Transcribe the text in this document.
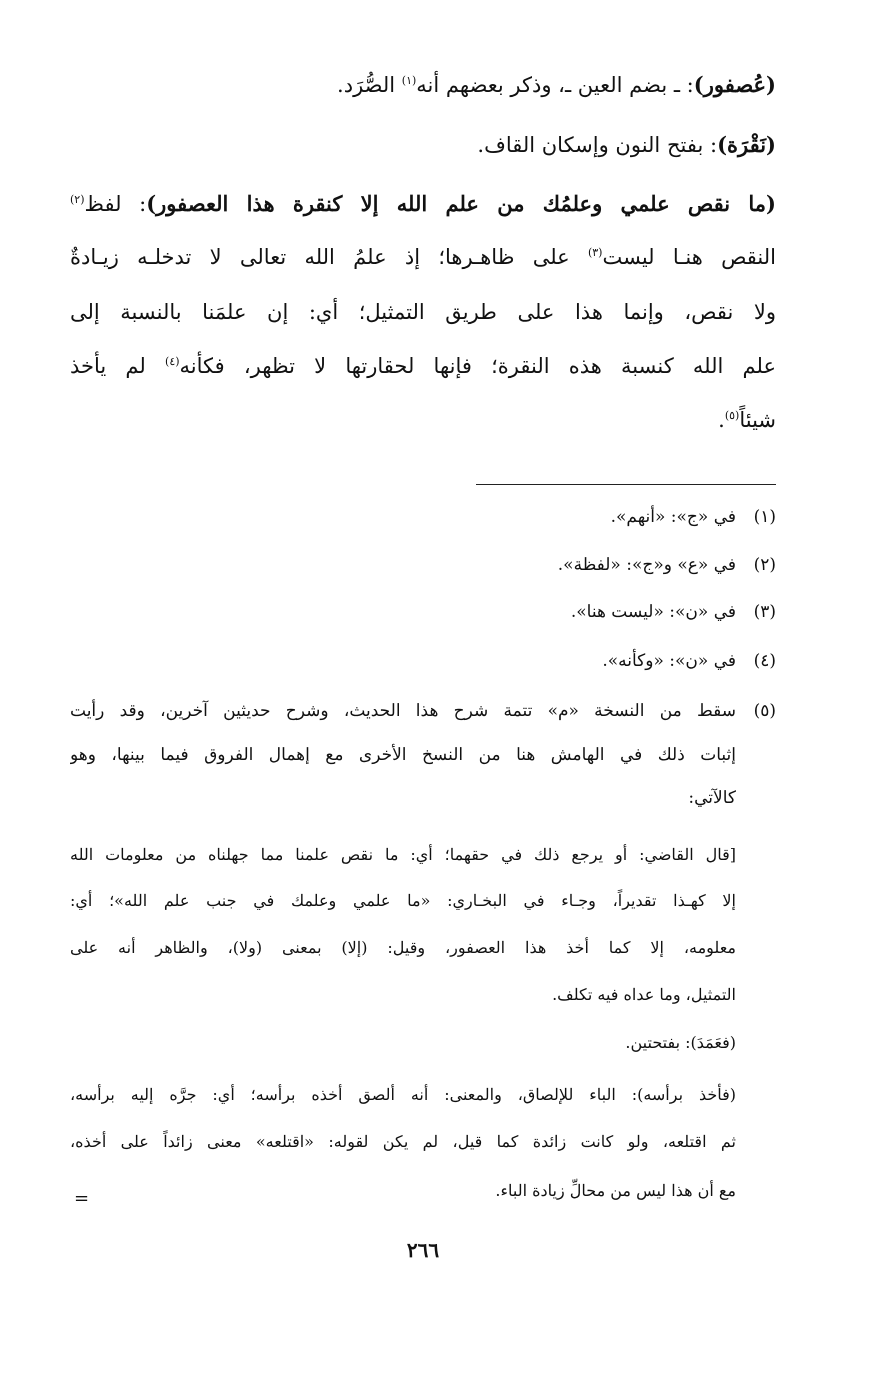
(عُصفور): ـ بضم العين ـ، وذكر بعضهم أنه$^{(١)}$ الصُّرَد.
(نَقْرَة): بفتح النون وإسكان القاف.
(ما نقص علمي وعلمُك من علم الله إلا كنقرة هذا العصفور): لفظ$^{(٢)}$
النقص هنـا ليست$^{(٣)}$ على ظاهـرها؛ إذ علمُ الله تعالى لا تدخلـه زيـادةٌ
ولا نقص، وإنما هذا على طريق التمثيل؛ أي: إن علمَنا بالنسبة إلى
علم الله كنسبة هذه النقرة؛ فإنها لحقارتها لا تظهر، فكأنه$^{(٤)}$ لم يأخذ
شيئاً$^{(٥)}$.
(١)في «ج»: «أنهم».
(٢)في «ع» و«ج»: «لفظة».
(٣)في «ن»: «ليست هنا».
(٤)في «ن»: «وكأنه».
(٥)سقط من النسخة «م» تتمة شرح هذا الحديث، وشرح حديثين آخرين، وقد رأيت
إثبات ذلك في الهامش هنا من النسخ الأخرى مع إهمال الفروق فيما بينها، وهو
كالآتي:
[قال القاضي: أو يرجع ذلك في حقهما؛ أي: ما نقص علمنا مما جهلناه من معلومات الله
إلا كهـذا تقديراً، وجـاء في البخـاري: «ما علمي وعلمك في جنب علم الله»؛ أي:
معلومه، إلا كما أخذ هذا العصفور، وقيل: (إلا) بمعنى (ولا)، والظاهر أنه على
التمثيل، وما عداه فيه تكلف.
(فعَمَدَ): بفتحتين.
(فأخذ برأسه): الباء للإلصاق، والمعنى: أنه ألصق أخذه برأسه؛ أي: جرَّه إليه برأسه،
ثم اقتلعه، ولو كانت زائدة كما قيل، لم يكن لقوله: «اقتلعه» معنى زائداً على أخذه،
مع أن هذا ليس من محالِّ زيادة الباء.
=
٢٦٦
